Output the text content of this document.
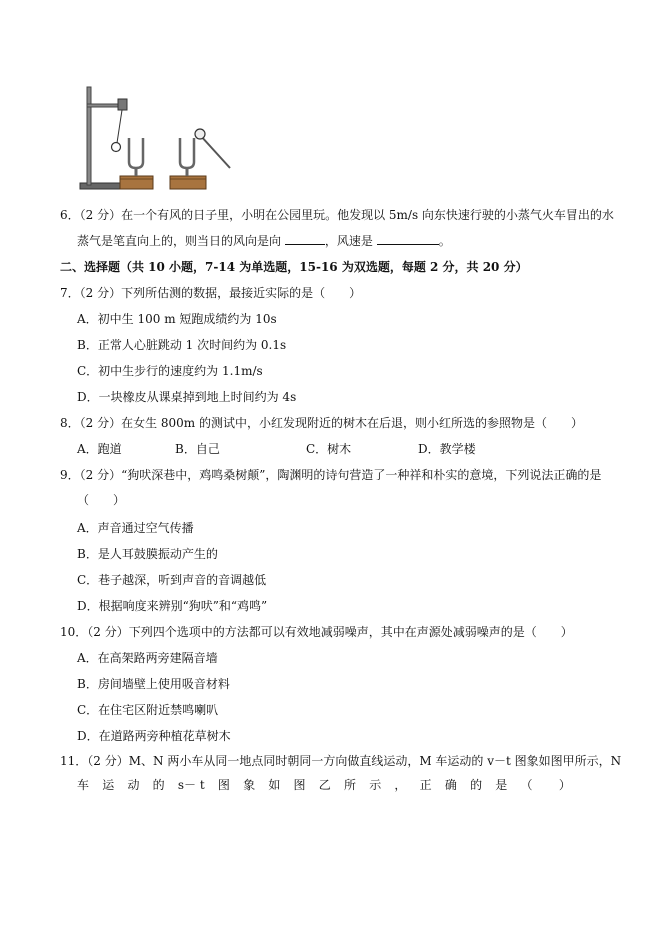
6．（2 分）在一个有风的日子里，小明在公园里玩。他发现以 5m/s 向东快速行驶的小蒸气火车冒出的水
蒸气是笔直向上的，则当日的风向是向	，风速是	。
二、选择题（共 10 小题，7-14 为单选题，15-16 为双选题，每题 2 分，共 20 分）
7．（2 分）下列所估测的数据，最接近实际的是（　　）
A．初中生 100 m 短跑成绩约为 10s
B．正常人心脏跳动 1 次时间约为 0.1s
C．初中生步行的速度约为 1.1m/s
D．一块橡皮从课桌掉到地上时间约为 4s
8．（2 分）在女生 800m 的测试中，小红发现附近的树木在后退，则小红所选的参照物是（　　）
A．跑道	B．自己	C．树木	D．教学楼
9．（2 分）“狗吠深巷中，鸡鸣桑树颠”，陶渊明的诗句营造了一种祥和朴实的意境，下列说法正确的是
（　　）
A．声音通过空气传播
B．是人耳鼓膜振动产生的
C．巷子越深，听到声音的音调越低
D．根据响度来辨别“狗吠”和“鸡鸣”
10．（2 分）下列四个选项中的方法都可以有效地减弱噪声，其中在声源处减弱噪声的是（　　）
A．在高架路两旁建隔音墙
B．房间墙壁上使用吸音材料
C．在住宅区附近禁鸣喇叭
D．在道路两旁种植花草树木
11．（2 分）M、N 两小车从同一地点同时朝同一方向做直线运动，M 车运动的 v－t 图象如图甲所示，N
车 运 动 的 s－ t 图 象 如 图 乙 所 示 ， 正 确 的 是 （ ）
